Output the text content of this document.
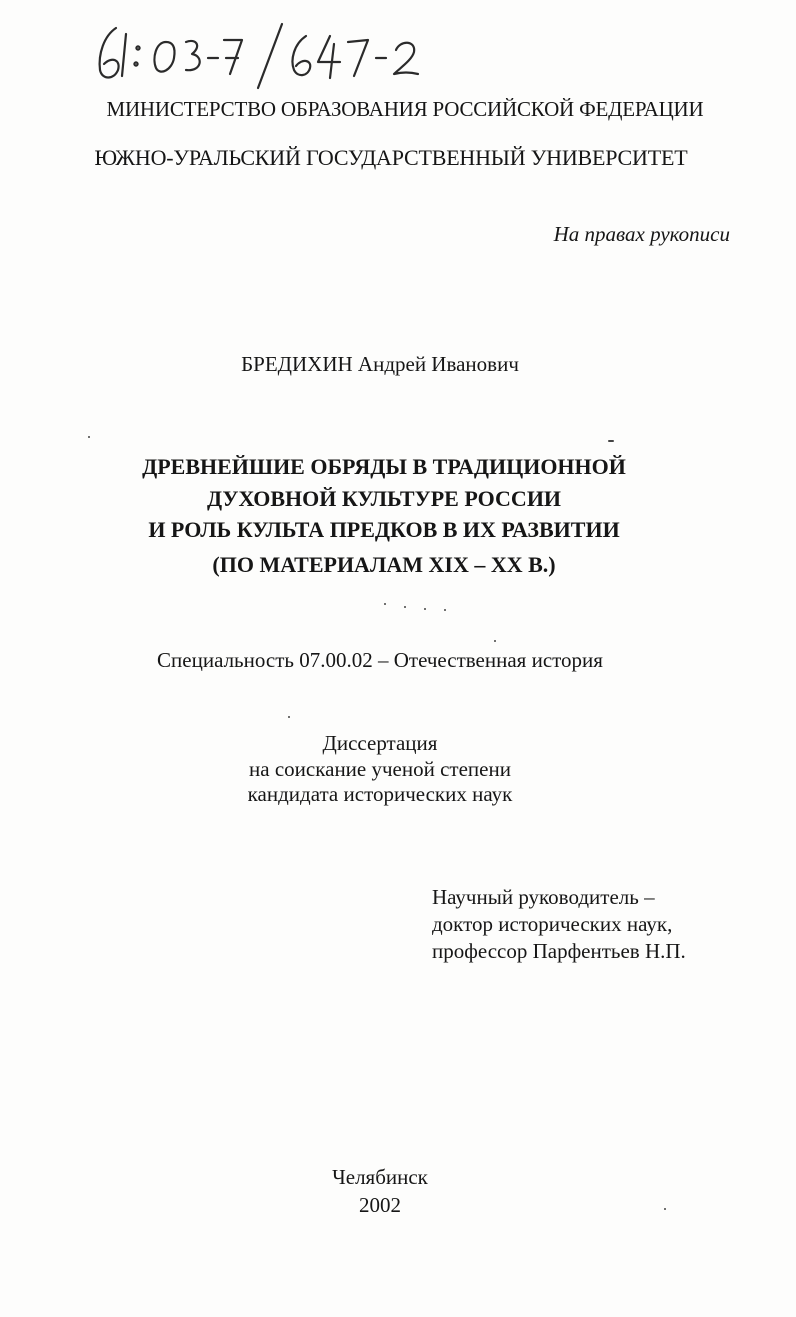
МИНИСТЕРСТВО ОБРАЗОВАНИЯ РОССИЙСКОЙ ФЕДЕРАЦИИ
ЮЖНО-УРАЛЬСКИЙ ГОСУДАРСТВЕННЫЙ УНИВЕРСИТЕТ
На правах рукописи
БРЕДИХИН Андрей Иванович
ДРЕВНЕЙШИЕ ОБРЯДЫ В ТРАДИЦИОННОЙ
ДУХОВНОЙ КУЛЬТУРЕ РОССИИ
И РОЛЬ КУЛЬТА ПРЕДКОВ В ИХ РАЗВИТИИ
(ПО МАТЕРИАЛАМ XIX – XX В.)
Специальность 07.00.02 – Отечественная история
Диссертация
на соискание ученой степени
кандидата исторических наук
Научный руководитель –
доктор исторических наук,
профессор Парфентьев Н.П.
Челябинск
2002
